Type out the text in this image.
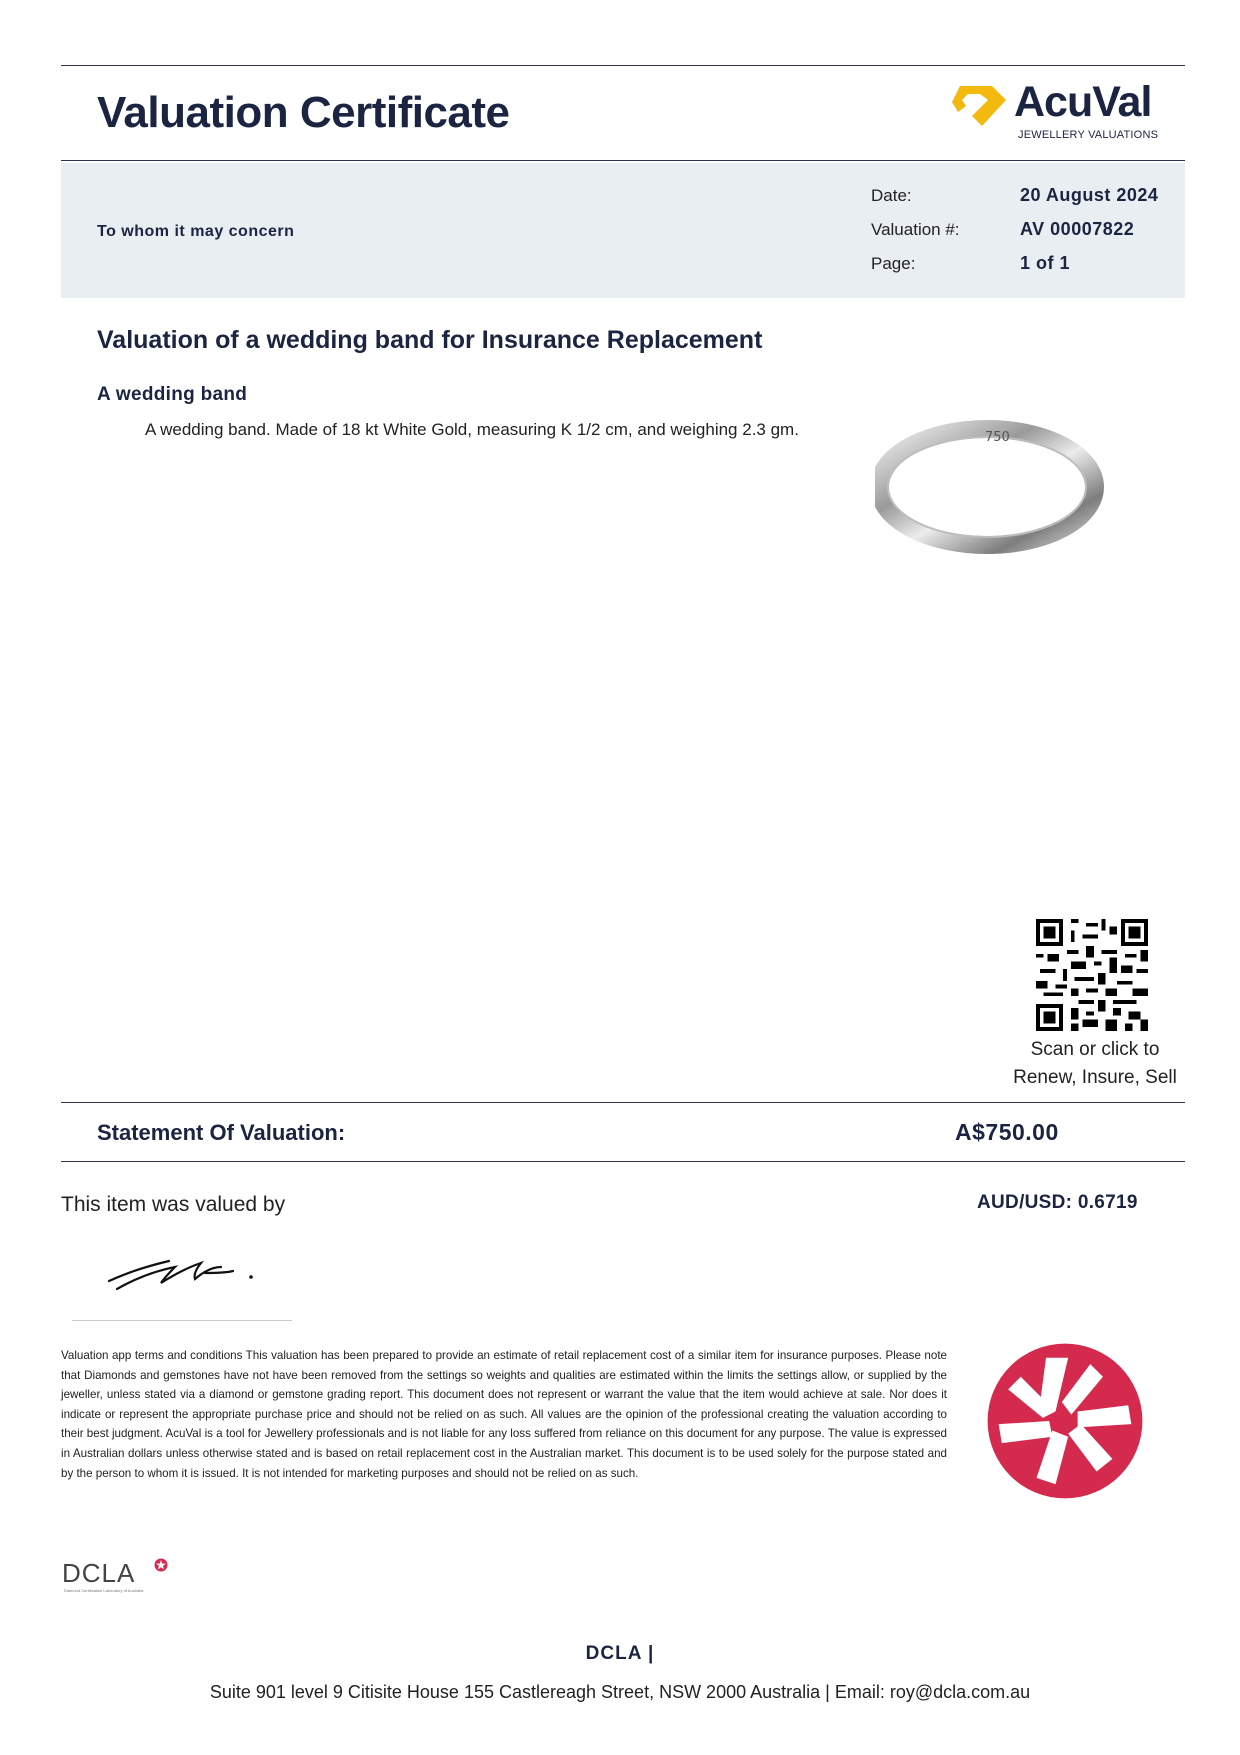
Valuation Certificate	AcuVal
JEWELLERY VALUATIONS
To whom it may concern
Date:	20 August 2024
Valuation #:	AV 00007822
Page:	1 of 1
Valuation of a wedding band for Insurance Replacement
A wedding band
A wedding band. Made of 18 kt White Gold, measuring K 1/2 cm, and weighing 2.3 gm.	750
Scan or click to
Renew, Insure, Sell
Statement Of Valuation:	A$750.00
This item was valued by	AUD/USD: 0.6719
Valuation app terms and conditions This valuation has been prepared to provide an estimate of retail replacement cost of a similar item for insurance purposes. Please note that Diamonds and gemstones have not have been removed from the settings so weights and qualities are estimated within the limits the settings allow, or supplied by the jeweller, unless stated via a diamond or gemstone grading report. This document does not represent or warrant the value that the item would achieve at sale. Nor does it indicate or represent the appropriate purchase price and should not be relied on as such. All values are the opinion of the professional creating the valuation according to their best judgment. AcuVal is a tool for Jewellery professionals and is not liable for any loss suffered from reliance on this document for any purpose. The value is expressed in Australian dollars unless otherwise stated and is based on retail replacement cost in the Australian market. This document is to be used solely for the purpose stated and by the person to whom it is issued. It is not intended for marketing purposes and should not be relied on as such.
DCLA
Diamond Certification Laboratory of Australia
DCLA |
Suite 901 level 9 Citisite House 155 Castlereagh Street, NSW 2000 Australia | Email: roy@dcla.com.au
